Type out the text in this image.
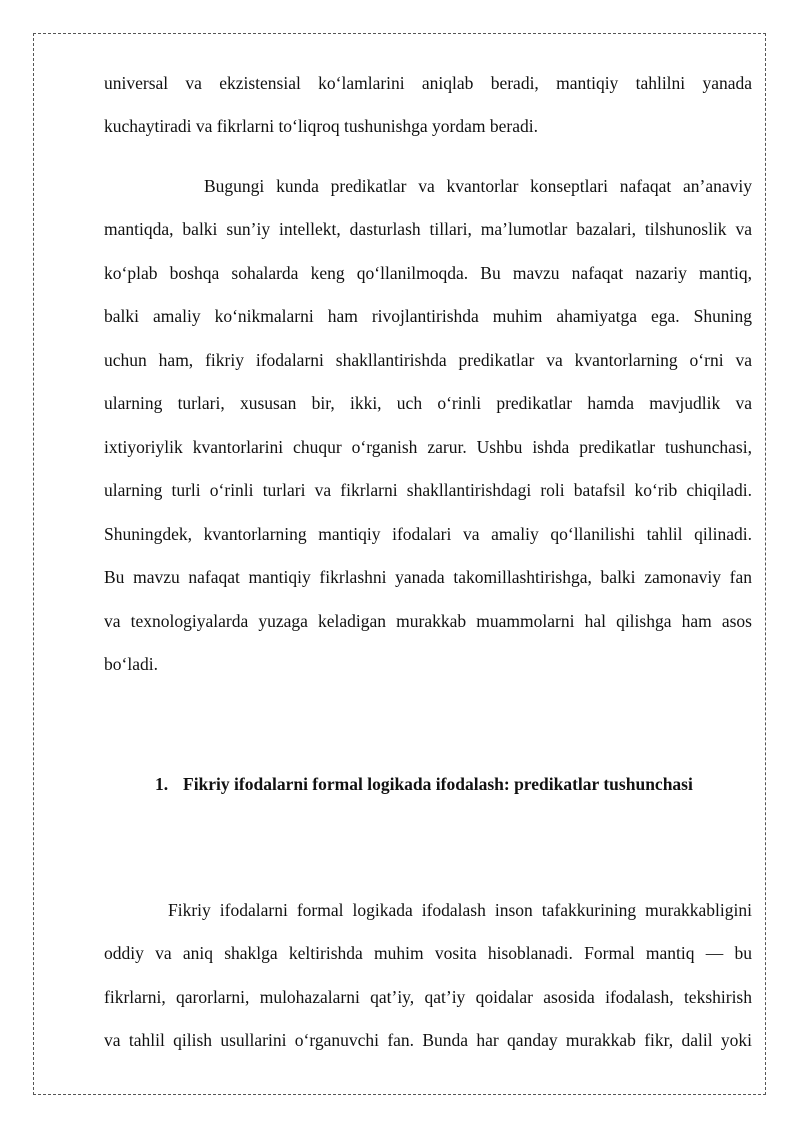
universal va ekzistensial ko‘lamlarini aniqlab beradi, mantiqiy tahlilni yanada
kuchaytiradi va fikrlarni to‘liqroq tushunishga yordam beradi.
Bugungi kunda predikatlar va kvantorlar konseptlari nafaqat an’anaviy
mantiqda, balki sun’iy intellekt, dasturlash tillari, ma’lumotlar bazalari, tilshunoslik va
ko‘plab boshqa sohalarda keng qo‘llanilmoqda. Bu mavzu nafaqat nazariy mantiq,
balki amaliy ko‘nikmalarni ham rivojlantirishda muhim ahamiyatga ega. Shuning
uchun ham, fikriy ifodalarni shakllantirishda predikatlar va kvantorlarning o‘rni va
ularning turlari, xususan bir, ikki, uch o‘rinli predikatlar hamda mavjudlik va
ixtiyoriylik kvantorlarini chuqur o‘rganish zarur. Ushbu ishda predikatlar tushunchasi,
ularning turli o‘rinli turlari va fikrlarni shakllantirishdagi roli batafsil ko‘rib chiqiladi.
Shuningdek, kvantorlarning mantiqiy ifodalari va amaliy qo‘llanilishi tahlil qilinadi.
Bu mavzu nafaqat mantiqiy fikrlashni yanada takomillashtirishga, balki zamonaviy fan
va texnologiyalarda yuzaga keladigan murakkab muammolarni hal qilishga ham asos
bo‘ladi.
1. Fikriy ifodalarni formal logikada ifodalash: predikatlar tushunchasi
Fikriy ifodalarni formal logikada ifodalash inson tafakkurining murakkabligini
oddiy va aniq shaklga keltirishda muhim vosita hisoblanadi. Formal mantiq — bu
fikrlarni, qarorlarni, mulohazalarni qat’iy, qat’iy qoidalar asosida ifodalash, tekshirish
va tahlil qilish usullarini o‘rganuvchi fan. Bunda har qanday murakkab fikr, dalil yoki
